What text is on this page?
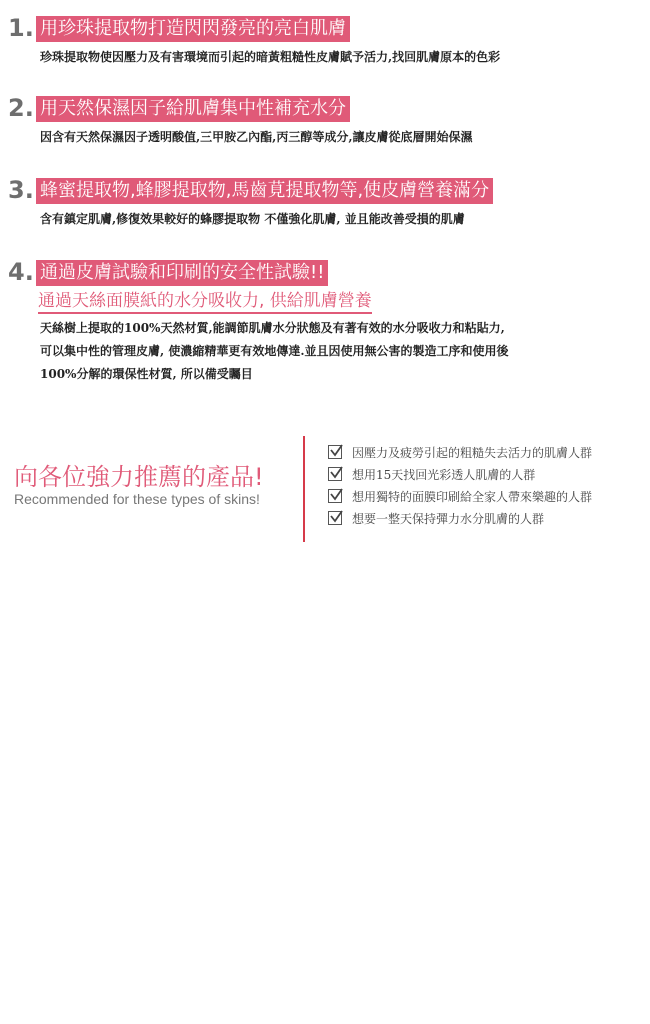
1. 用珍珠提取物打造閃閃發亮的亮白肌膚
珍珠提取物使因壓力及有害環境而引起的暗黃粗糙性皮膚賦予活力,找回肌膚原本的色彩
2. 用天然保濕因子給肌膚集中性補充水分
因含有天然保濕因子透明酸值,三甲胺乙內酯,丙三醇等成分,讓皮膚從底層開始保濕
3. 蜂蜜提取物,蜂膠提取物,馬齒莧提取物等,使皮膚營養滿分
含有鎮定肌膚,修復效果較好的蜂膠提取物 不僅強化肌膚, 並且能改善受損的肌膚
4. 通過皮膚試驗和印刷的安全性試驗!!
通過天絲面膜紙的水分吸收力, 供給肌膚營養
天絲樹上提取的100%天然材質,能調節肌膚水分狀態及有著有效的水分吸收力和粘貼力,
可以集中性的管理皮膚, 使濃縮精華更有效地傳達.並且因使用無公害的製造工序和使用後
100%分解的環保性材質, 所以備受矚目
向各位強力推薦的產品!
Recommended for these types of skins!
因壓力及疲勞引起的粗糙失去活力的肌膚人群
想用15天找回光彩透人肌膚的人群
想用獨特的面膜印刷給全家人帶來樂趣的人群
想要一整天保持彈力水分肌膚的人群
